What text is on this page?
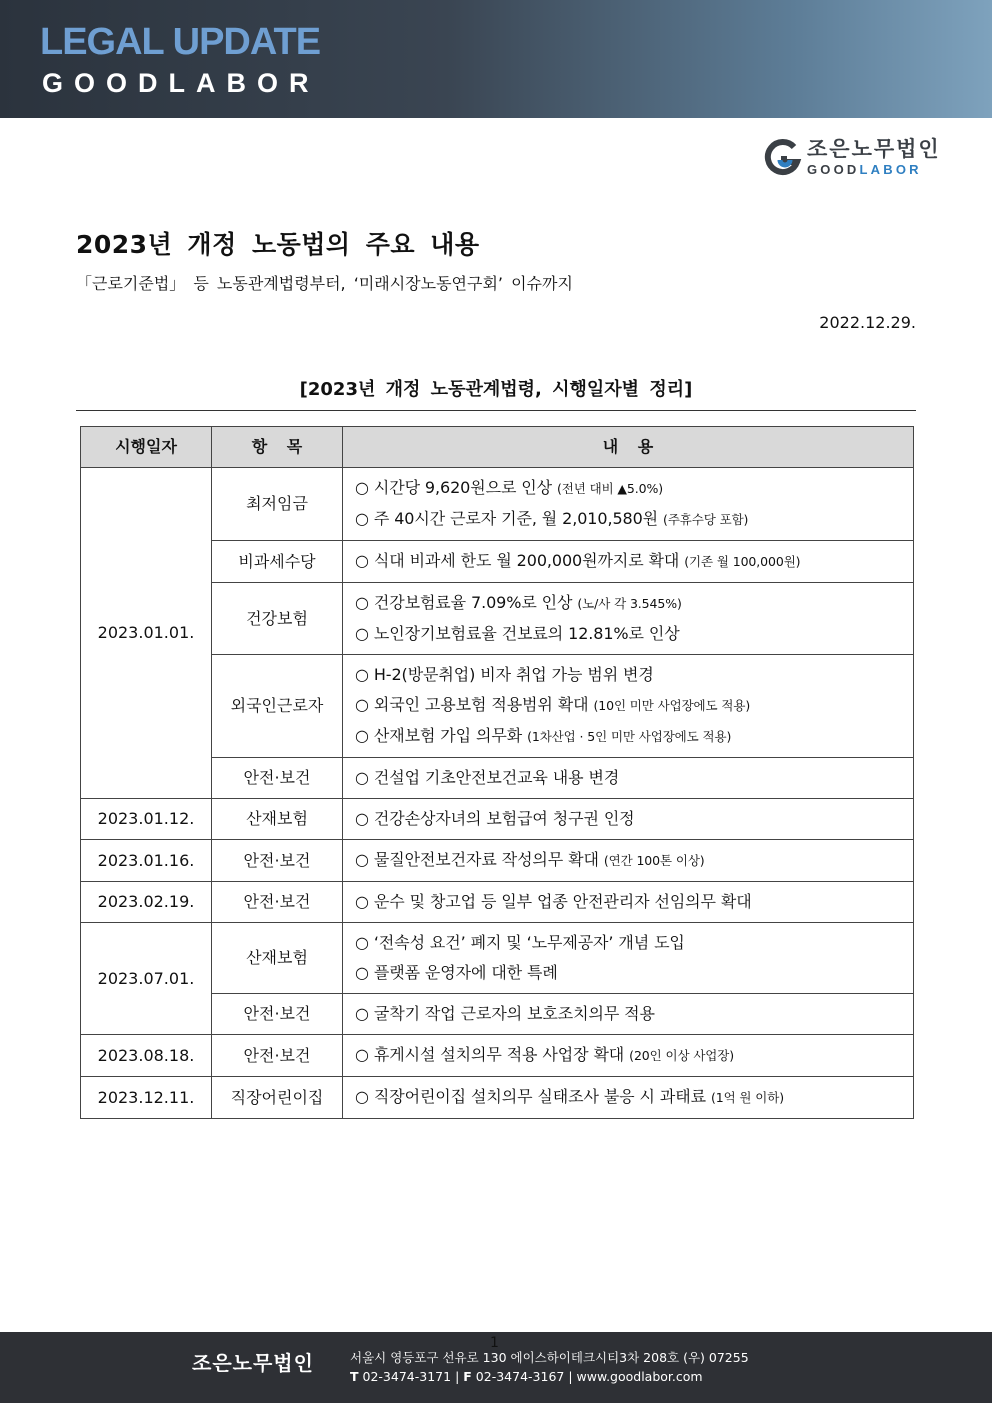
LEGAL UPDATE
GOODLABOR
조은노무법인
GOODLABOR
2023년 개정 노동법의 주요 내용
「근로기준법」 등 노동관계법령부터, ‘미래시장노동연구회’ 이슈까지
2022.12.29.
[2023년 개정 노동관계법령, 시행일자별 정리]
시행일자	항 목	내 용
2023.01.01.	최저임금	○ 시간당 9,620원으로 인상 (전년 대비 ▲5.0%)
○ 주 40시간 근로자 기준, 월 2,010,580원 (주휴수당 포함)

	비과세수당	○ 식대 비과세 한도 월 200,000원까지로 확대 (기존 월 100,000원)

	건강보험	○ 건강보험료율 7.09%로 인상 (노/사 각 3.545%)
○ 노인장기보험료율 건보료의 12.81%로 인상

	외국인근로자	○ H-2(방문취업) 비자 취업 가능 범위 변경
○ 외국인 고용보험 적용범위 확대 (10인 미만 사업장에도 적용)
○ 산재보험 가입 의무화 (1차산업 · 5인 미만 사업장에도 적용)

	안전·보건	○ 건설업 기초안전보건교육 내용 변경

2023.01.12.	산재보험	○ 건강손상자녀의 보험급여 청구권 인정

2023.01.16.	안전·보건	○ 물질안전보건자료 작성의무 확대 (연간 100톤 이상)

2023.02.19.	안전·보건	○ 운수 및 창고업 등 일부 업종 안전관리자 선임의무 확대

2023.07.01.	산재보험	○ ‘전속성 요건’ 폐지 및 ‘노무제공자’ 개념 도입
○ 플랫폼 운영자에 대한 특례

	안전·보건	○ 굴착기 작업 근로자의 보호조치의무 적용

2023.08.18.	안전·보건	○ 휴게시설 설치의무 적용 사업장 확대 (20인 이상 사업장)

2023.12.11.	직장어린이집	○ 직장어린이집 설치의무 실태조사 불응 시 과태료 (1억 원 이하)
1
조은노무법인	서울시 영등포구 선유로 130 에이스하이테크시티3차 208호 (우) 07255
T 02-3474-3171 | F 02-3474-3167 | www.goodlabor.com
